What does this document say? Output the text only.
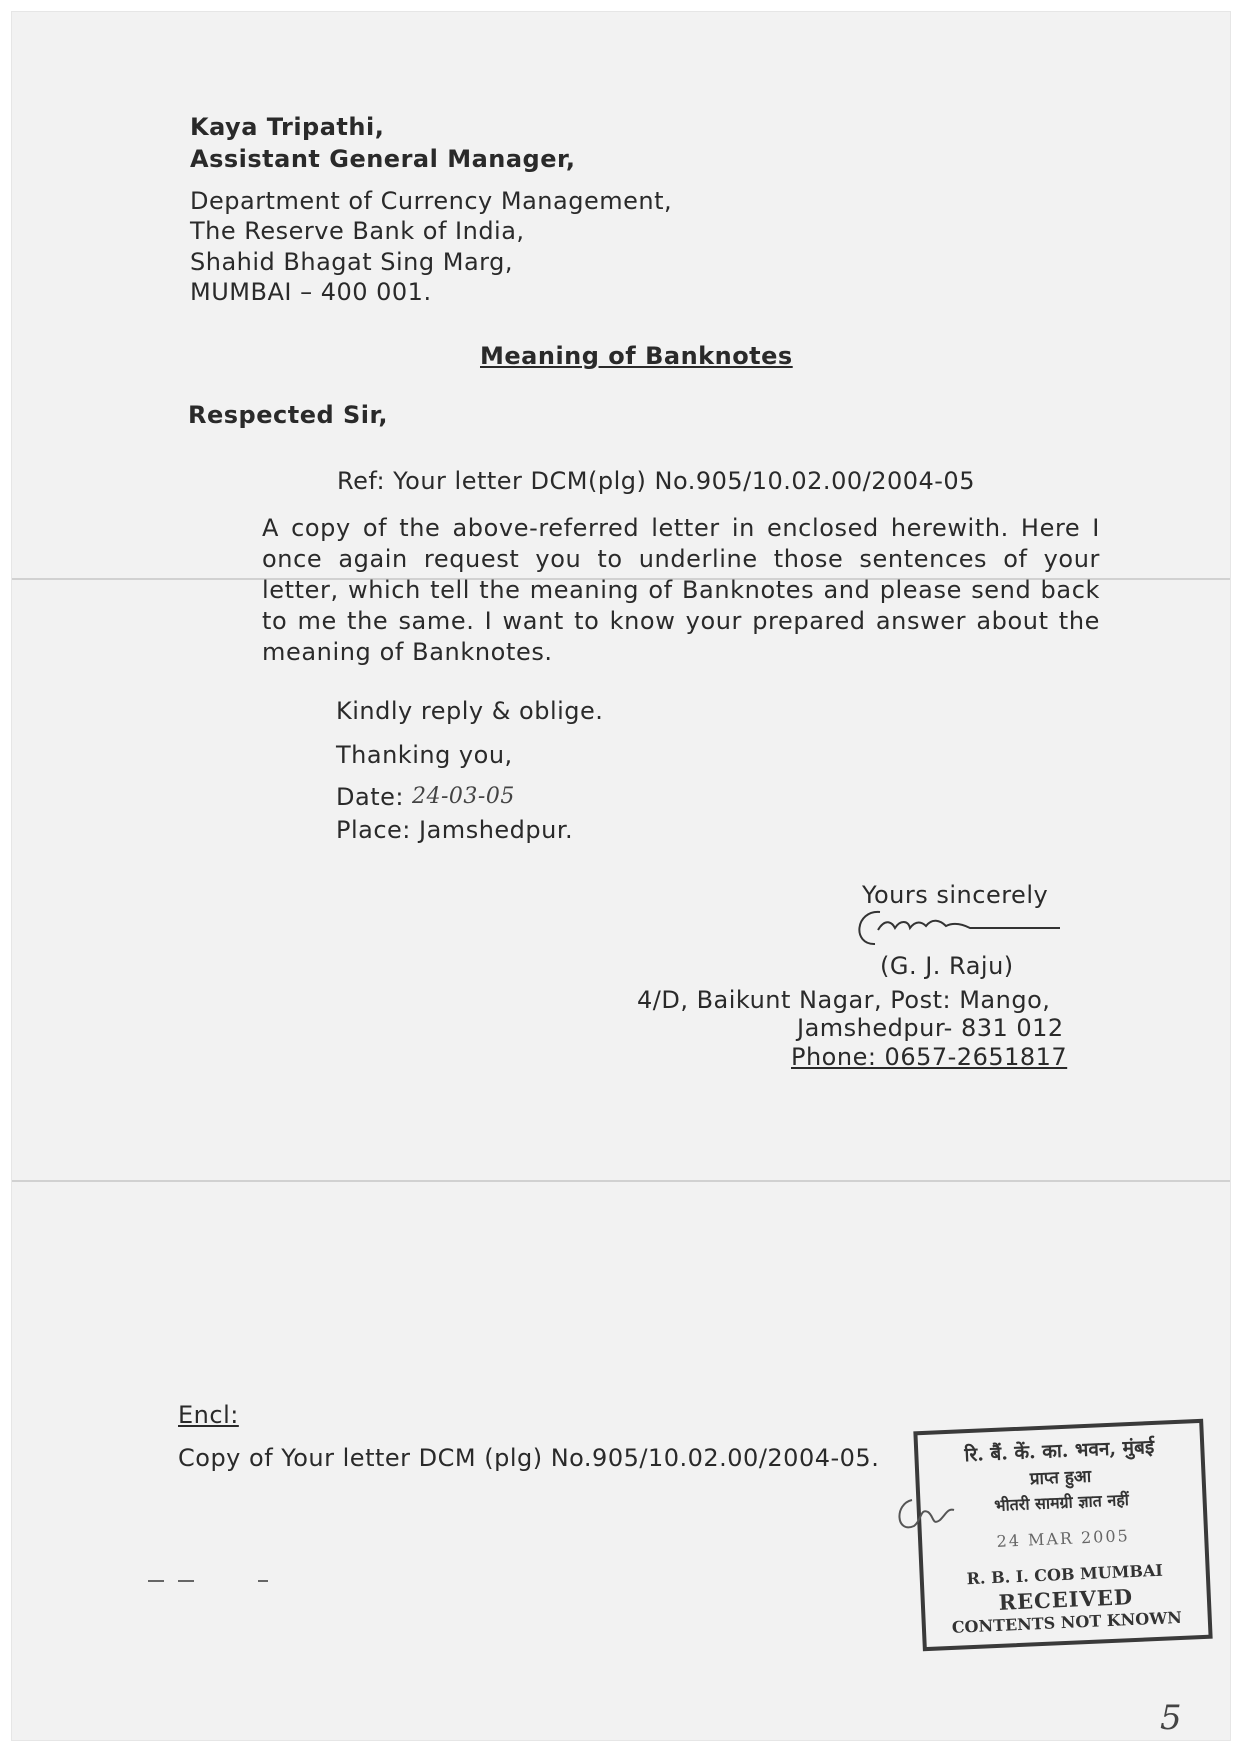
Kaya Tripathi,
Assistant General Manager,
Department of Currency Management,
The Reserve Bank of India,
Shahid Bhagat Sing Marg,
MUMBAI – 400 001.
Meaning of Banknotes
Respected Sir,
Ref: Your letter DCM(plg) No.905/10.02.00/2004-05
A copy of the above-referred letter in enclosed herewith. Here I once again request you to underline those sentences of your letter, which tell the meaning of Banknotes and please send back to me the same. I want to know your prepared answer about the meaning of Banknotes.
Kindly reply & oblige.
Thanking you,
Date: 24-03-05
Place: Jamshedpur.
Yours sincerely
(G. J. Raju)
4/D, Baikunt Nagar, Post: Mango,
Jamshedpur- 831 012
Phone: 0657-2651817
Encl:
Copy of Your letter DCM (plg) No.905/10.02.00/2004-05.	रि. बैं. कें. का. भवन, मुंबई
प्राप्त हुआ
भीतरी सामग्री ज्ञात नहीं
24 MAR 2005
R. B. I. COB MUMBAI
RECEIVED
CONTENTS NOT KNOWN
5
